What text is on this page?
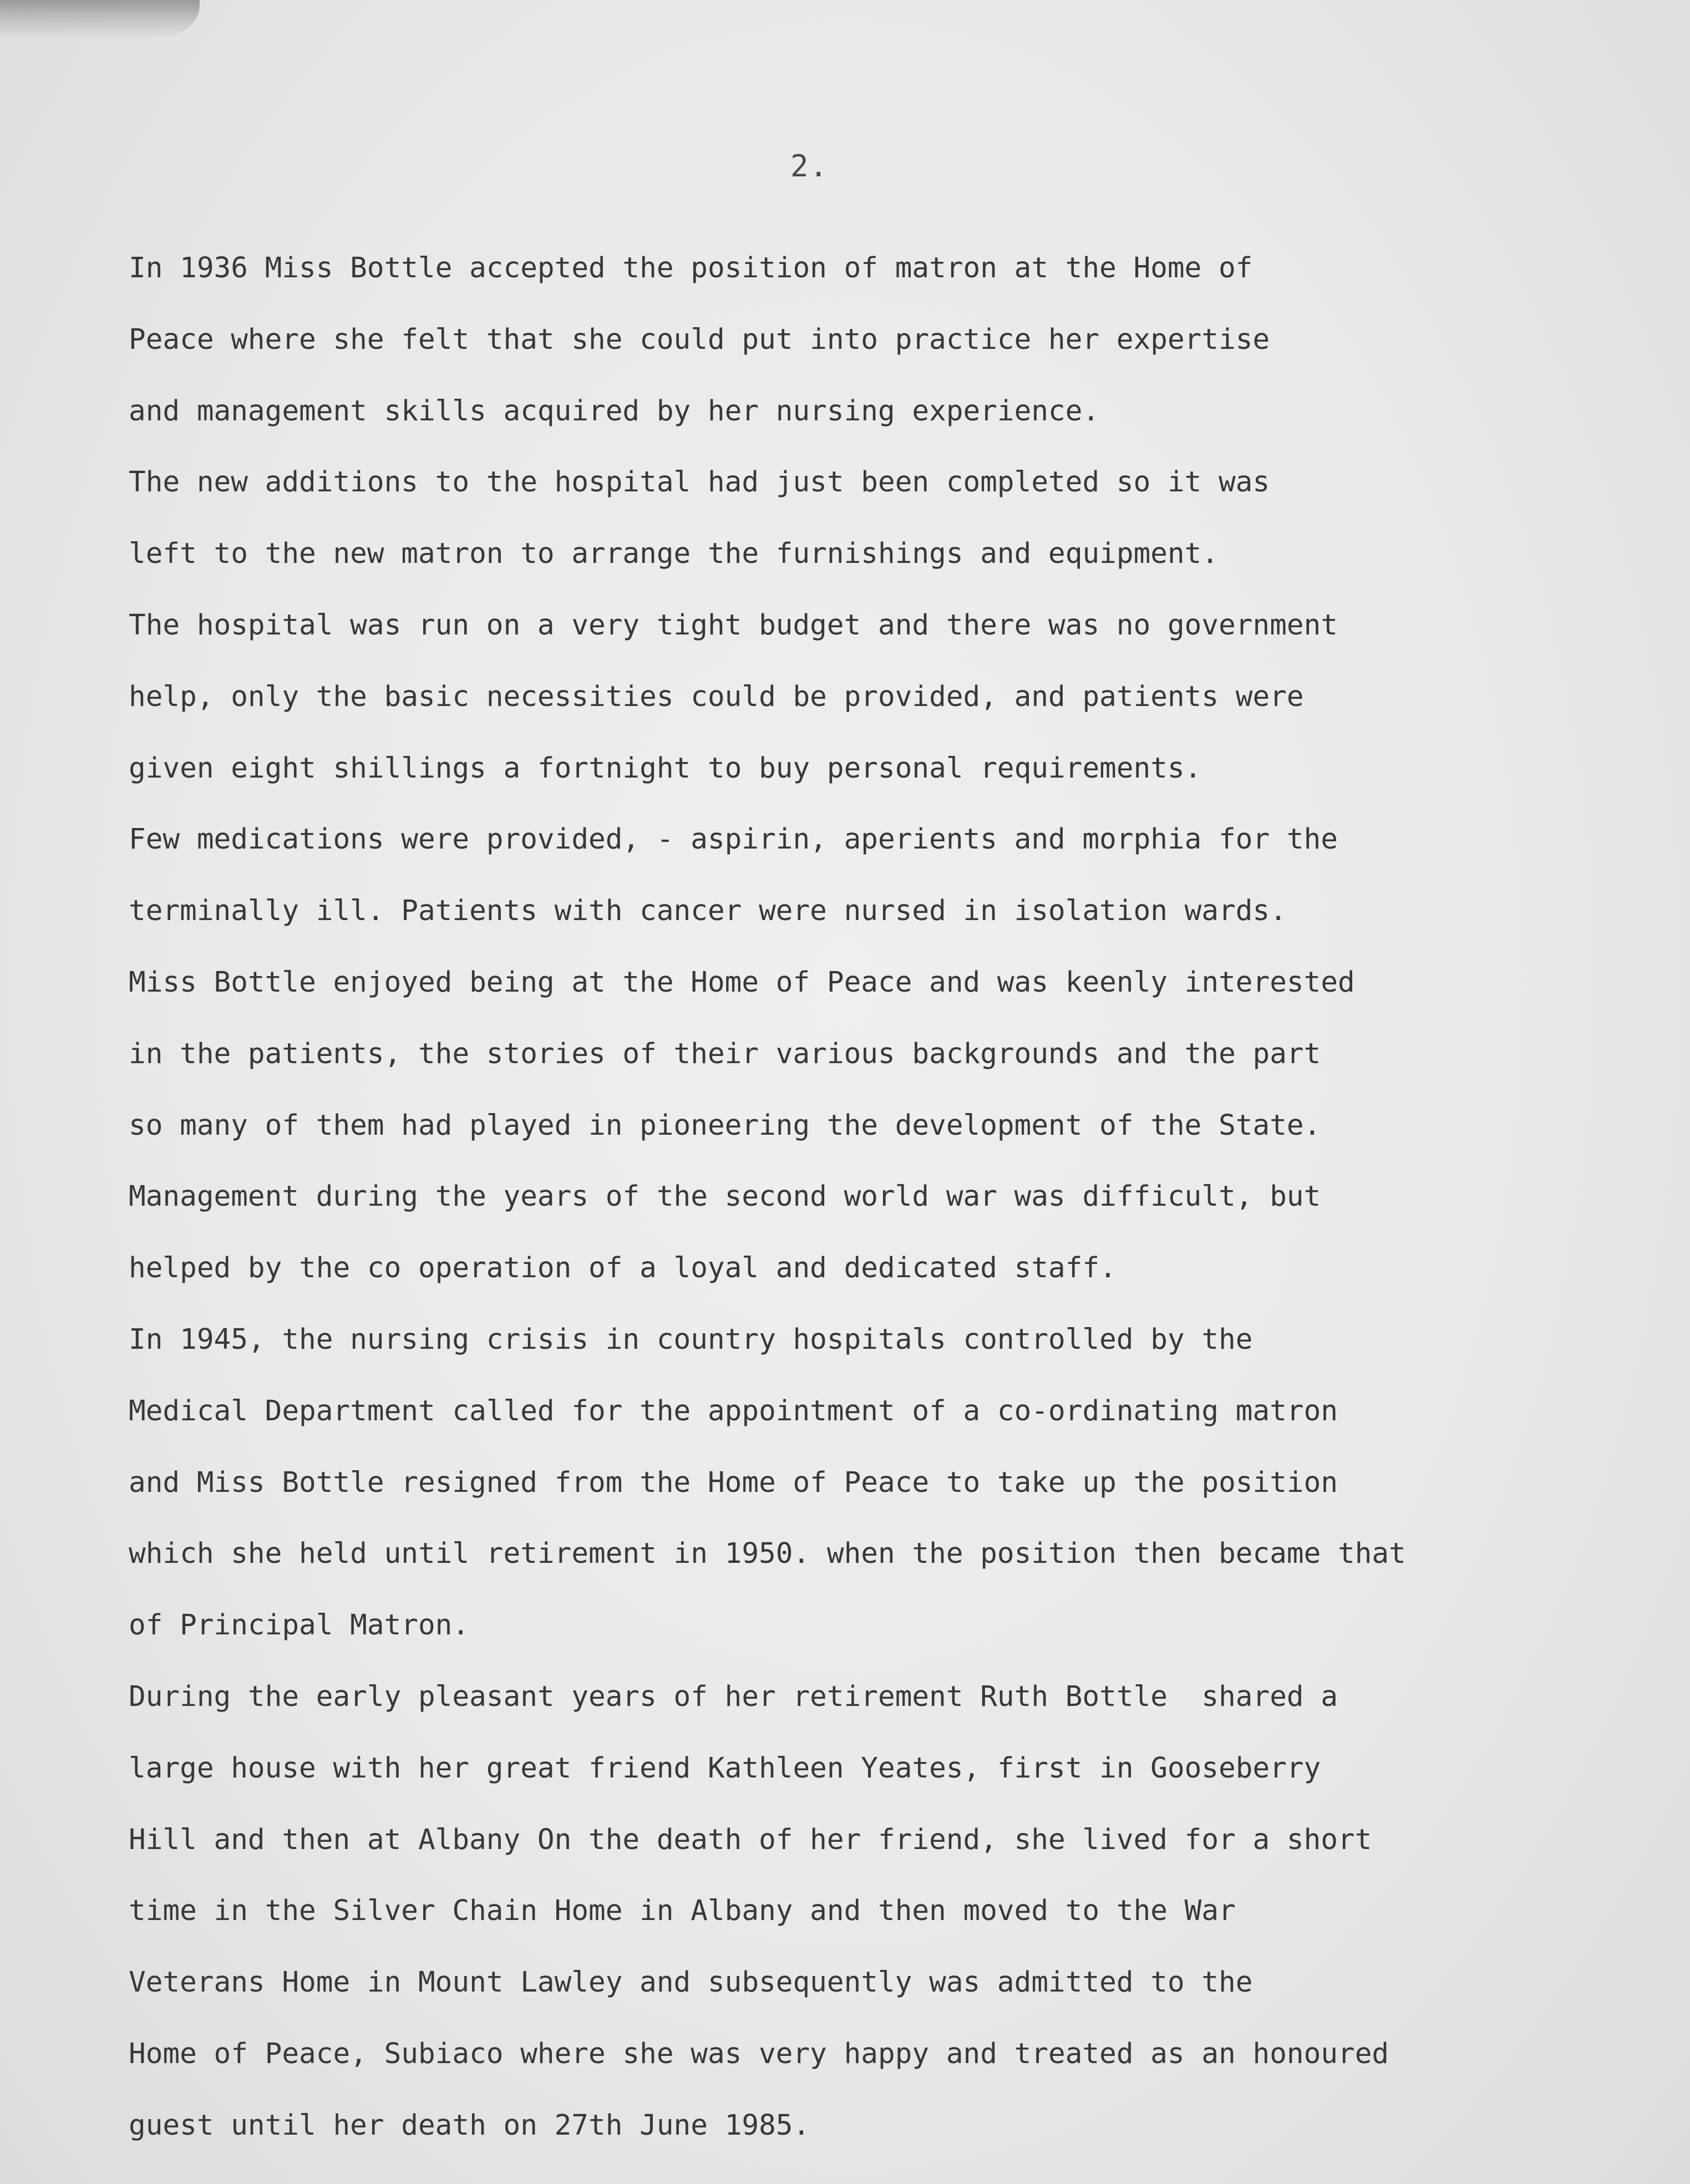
2.
In 1936 Miss Bottle accepted the position of matron at the Home of
Peace where she felt that she could put into practice her expertise
and management skills acquired by her nursing experience.
The new additions to the hospital had just been completed so it was
left to the new matron to arrange the furnishings and equipment.
The hospital was run on a very tight budget and there was no government
help, only the basic necessities could be provided, and patients were
given eight shillings a fortnight to buy personal requirements.
Few medications were provided, - aspirin, aperients and morphia for the
terminally ill. Patients with cancer were nursed in isolation wards.
Miss Bottle enjoyed being at the Home of Peace and was keenly interested
in the patients, the stories of their various backgrounds and the part
so many of them had played in pioneering the development of the State.
Management during the years of the second world war was difficult, but
helped by the co operation of a loyal and dedicated staff.
In 1945, the nursing crisis in country hospitals controlled by the
Medical Department called for the appointment of a co-ordinating matron
and Miss Bottle resigned from the Home of Peace to take up the position
which she held until retirement in 1950. when the position then became that
of Principal Matron.
During the early pleasant years of her retirement Ruth Bottle  shared a
large house with her great friend Kathleen Yeates, first in Gooseberry
Hill and then at Albany On the death of her friend, she lived for a short
time in the Silver Chain Home in Albany and then moved to the War
Veterans Home in Mount Lawley and subsequently was admitted to the
Home of Peace, Subiaco where she was very happy and treated as an honoured
guest until her death on 27th June 1985.
